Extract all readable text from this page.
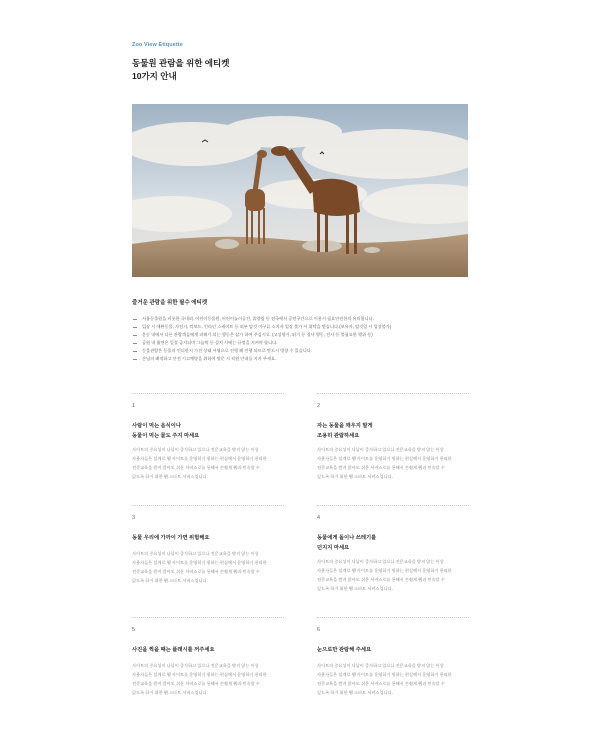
Zoo View Etiquette
동물원 관람을 위한 에티켓
10가지 안내
즐거운 관람을 위한 필수 에티켓
서울동물원을 비롯한 국내외, 어린이동물원, 어린이놀이공간, 휴양림 등 전국에서 공연구간으로 이용시 필요안전한의 유의합니다.
입장 시 애완동물, 자전거, 킥보드, 인라인 스케이트 등 외부 탈것 이구류 소지자 입장 불가 시 위탁을 받습니다.(보유자, 탈것일 시 입장불가)
운동 내에서 다른 관람객들에게 피해가 되는 행동은 삼가 하여 주십시오. (고성방가, 뛰기 등 경사 행동, 전사 등 불필요한 행위 등)
공원 내 흡연은 일절 금지되며 그늘막 등 설치 시에는 규정을 지켜야 합니다.
동물관람은 동물의 언더한지 가진 상태 서영으로 진행 해 진행 되므로 반드시 방향 수 있습니다.
손님의 쾌적하고 안전 시고예방을 위하여 방문 시 직원 안내를 지켜 주세요.
1
사람이 먹는 음식이나
동물이 먹는 물도 주지 마세요
사이트의 중요성이 나날이 증가하고 있으나 전문교육을 받지 않는 이상
사용자들은 설계로 웹 사이트를 운영하기 원하는 현실에서 운영하기 편리한
전문교육을 받지 않아도 쉬운 서비스로를 통해서 손쉽게 웹과 민속할 수
있도록 하기 위한 웹 스타트 서비스입니다.
2
자는 동물을 깨우지 말게
조용히 관람하세요
사이트의 중요성이 나날이 증가하고 있으나 전문교육을 받지 않는 이상
사용자들은 설계로 웹 사이트를 운영하기 원하는 현실에서 운영하기 편리한
전문교육을 받지 않아도 쉬운 서비스로를 통해서 손쉽게 웹과 민속할 수
있도록 하기 위한 웹 스타트 서비스입니다.
3
동물 우리에 가까이 가면 위험해요
사이트의 중요성이 나날이 증가하고 있으나 전문교육을 받지 않는 이상
사용자들은 설계로 웹 사이트를 운영하기 원하는 현실에서 운영하기 편리한
전문교육을 받지 않아도 쉬운 서비스로를 통해서 손쉽게 웹과 민속할 수
있도록 하기 위한 웹 스타트 서비스입니다.
4
동물에게 돌이나 쓰레기를
던지지 마세요
사이트의 중요성이 나날이 증가하고 있으나 전문교육을 받지 않는 이상
사용자들은 설계로 웹 사이트를 운영하기 원하는 현실에서 운영하기 편리한
전문교육을 받지 않아도 쉬운 서비스로를 통해서 손쉽게 웹과 민속할 수
있도록 하기 위한 웹 스타트 서비스입니다.
5
사진을 찍을 때는 플래시를 꺼주세요
사이트의 중요성이 나날이 증가하고 있으나 전문교육을 받지 않는 이상
사용자들은 설계로 웹 사이트를 운영하기 원하는 현실에서 운영하기 편리한
전문교육을 받지 않아도 쉬운 서비스로를 통해서 손쉽게 웹과 민속할 수
있도록 하기 위한 웹 스타트 서비스입니다.
6
눈으로만 관람해 주세요
사이트의 중요성이 나날이 증가하고 있으나 전문교육을 받지 않는 이상
사용자들은 설계로 웹 사이트를 운영하기 원하는 현실에서 운영하기 편리한
전문교육을 받지 않아도 쉬운 서비스로를 통해서 손쉽게 웹과 민속할 수
있도록 하기 위한 웹 스타트 서비스입니다.
